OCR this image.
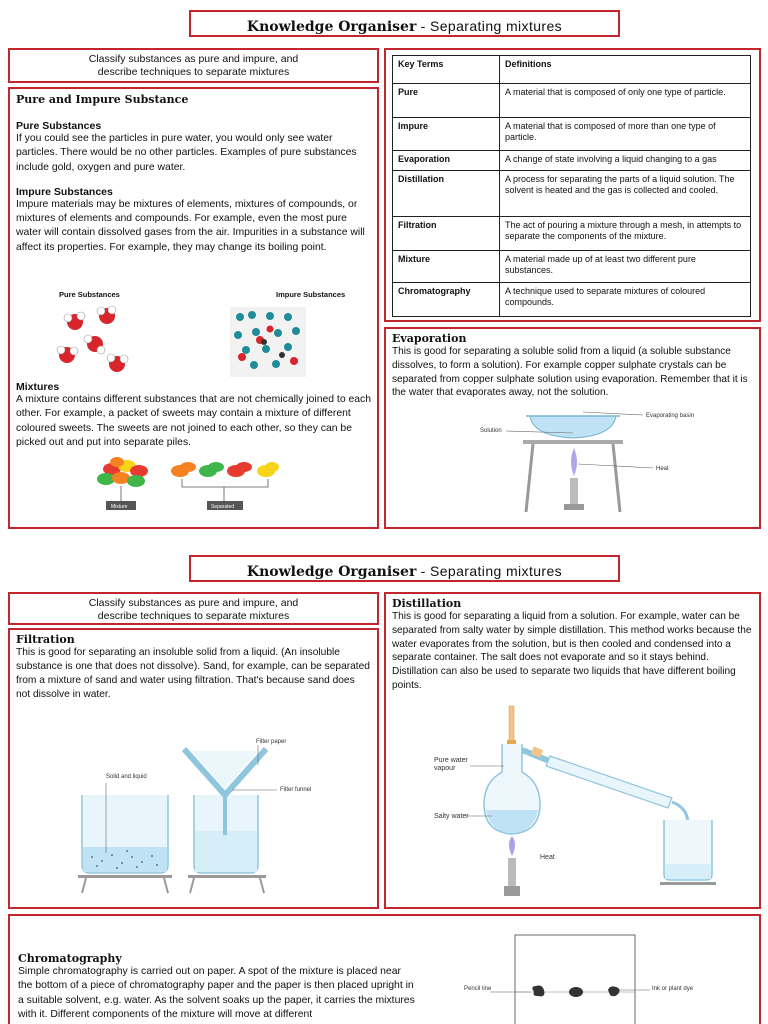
Knowledge Organiser - Separating mixtures
Classify substances as pure and impure, and describe techniques to separate mixtures
Pure and Impure Substance
Pure Substances
If you could see the particles in pure water, you would only see water particles. There would be no other particles. Examples of pure substances include gold, oxygen and pure water.
Impure Substances
Impure materials may be mixtures of elements, mixtures of compounds, or mixtures of elements and compounds. For example, even the most pure water will contain dissolved gases from the air. Impurities in a substance will affect its properties. For example, they may change its boiling point.
Pure Substances	Impure Substances
Mixtures
A mixture contains different substances that are not chemically joined to each other. For example, a packet of sweets may contain a mixture of different coloured sweets. The sweets are not joined to each other, so they can be picked out and put into separate piles.
Mixture	Separated
Key Terms	Definitions
Pure	A material that is composed of only one type of particle.
Impure	A material that is composed of more than one type of particle.
Evaporation	A change of state involving a liquid changing to a gas
Distillation	A process for separating the parts of a liquid solution. The solvent is heated and the gas is collected and cooled.
Filtration	The act of pouring a mixture through a mesh, in attempts to separate the components of the mixture.
Mixture	A material made up of at least two different pure substances.
Chromatography	A technique used to separate mixtures of coloured compounds.
Evaporation
This is good for separating a soluble solid from a liquid (a soluble substance dissolves, to form a solution). For example copper sulphate crystals can be separated from copper sulphate solution using evaporation. Remember that it is the water that evaporates away, not the solution.
Evaporating basin
Solution
Heat
Knowledge Organiser - Separating mixtures
Classify substances as pure and impure, and describe techniques to separate mixtures
Filtration
This is good for separating an insoluble solid from a liquid. (An insoluble substance is one that does not dissolve). Sand, for example, can be separated from a mixture of sand and water using filtration. That's because sand does not dissolve in water.
Solid and liquid
Filter paper
Filter funnel
Distillation
This is good for separating a liquid from a solution. For example, water can be separated from salty water by simple distillation. This method works because the water evaporates from the solution, but is then cooled and condensed into a separate container. The salt does not evaporate and so it stays behind. Distillation can also be used to separate two liquids that have different boiling points.
Pure water
vapour
Salty water
Heat
Chromatography
Simple chromatography is carried out on paper. A spot of the mixture is placed near the bottom of a piece of chromatography paper and the paper is then placed upright in a suitable solvent, e.g. water. As the solvent soaks up the paper, it carries the mixtures with it. Different components of the mixture will move at different
Pencil line	Ink or plant dye
